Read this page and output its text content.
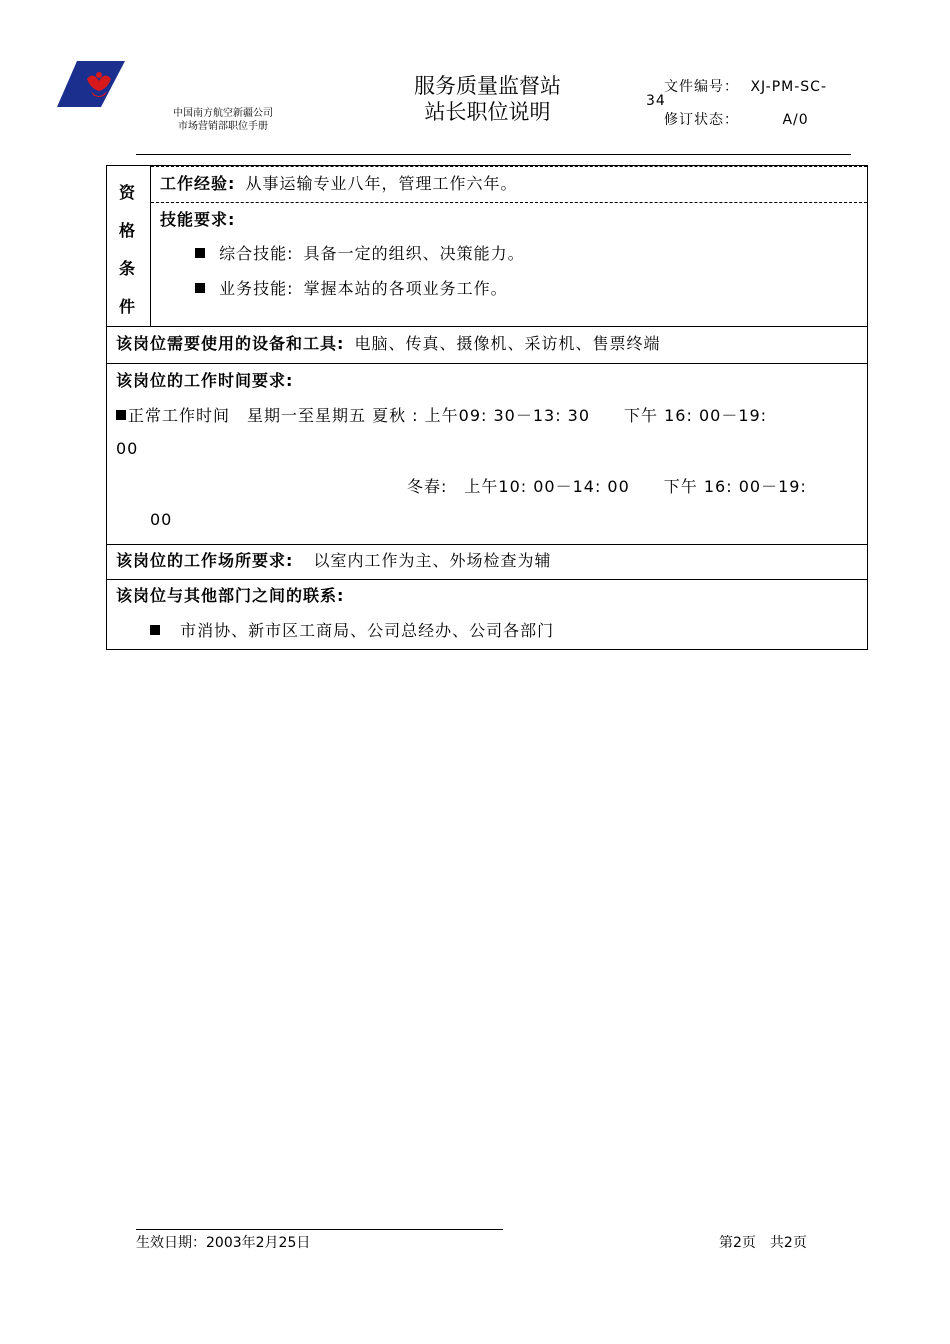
中国南方航空新疆公司
市场营销部职位手册
服务质量监督站
站长职位说明
文件编号： XJ-PM-SC-
34
修订状态：	A/0
资
格
条
件
工作经验: 从事运输专业八年，管理工作六年。
技能要求:
综合技能: 具备一定的组织、决策能力。
业务技能: 掌握本站的各项业务工作。
该岗位需要使用的设备和工具: 电脑、传真、摄像机、采访机、售票终端
该岗位的工作时间要求:
正常工作时间　星期一至星期五 夏秋 : 上午09: 30－13: 30　　下午 16: 00－19:
00
冬春:　上午10: 00－14: 00　　下午 16: 00－19:
00
该岗位的工作场所要求: 以室内工作为主、外场检查为辅
该岗位与其他部门之间的联系:
市消协、新市区工商局、公司总经办、公司各部门
生效日期：2003年2月25日	第2页　共2页
